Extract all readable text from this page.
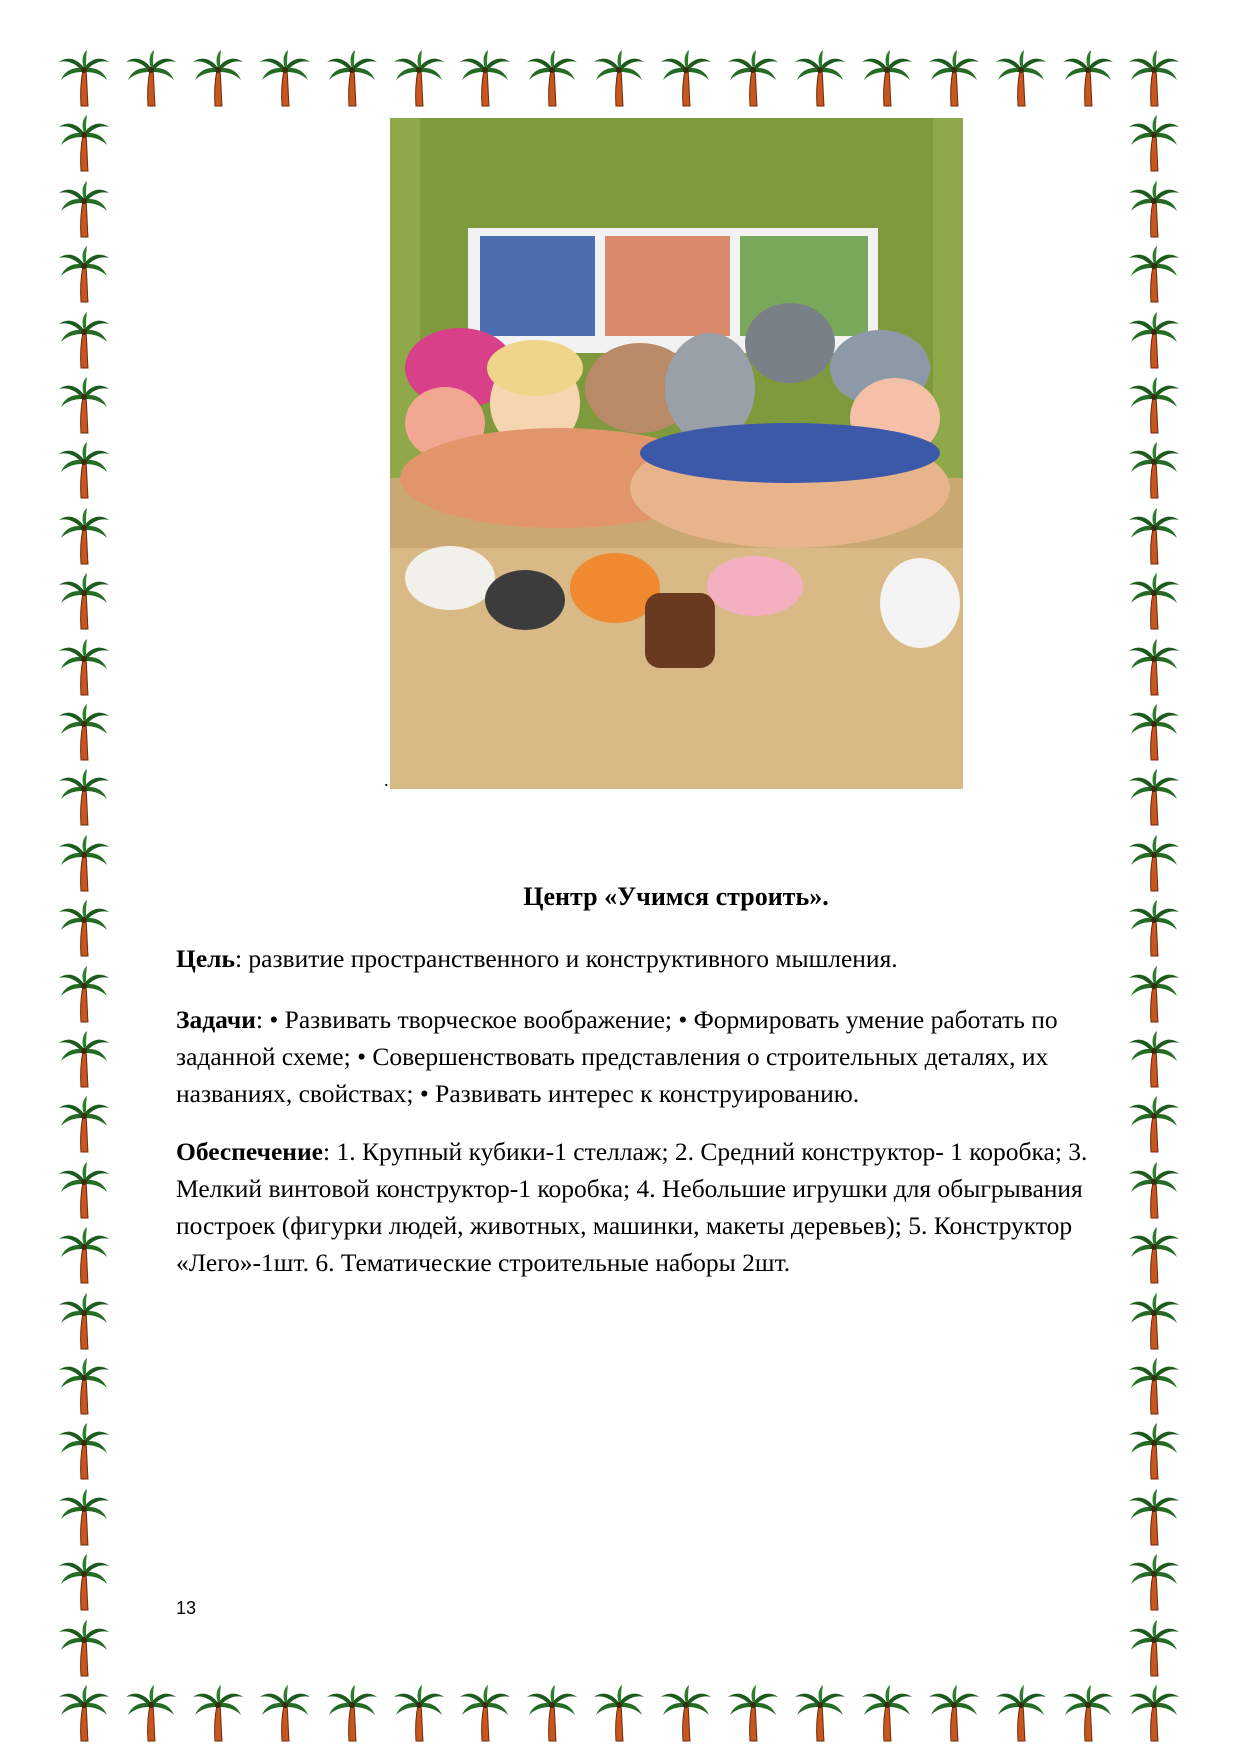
.
Центр «Учимся строить».
Цель: развитие пространственного и конструктивного мышления.
Задачи: • Развивать творческое воображение; • Формировать умение работать по заданной схеме; • Совершенствовать представления о строительных деталях, их названиях, свойствах; • Развивать интерес к конструированию.
Обеспечение: 1. Крупный кубики-1 стеллаж; 2. Средний конструктор- 1 коробка; 3. Мелкий винтовой конструктор-1 коробка; 4. Небольшие игрушки для обыгрывания построек (фигурки людей, животных, машинки, макеты деревьев); 5. Конструктор «Лего»-1шт. 6. Тематические строительные наборы 2шт.
13
